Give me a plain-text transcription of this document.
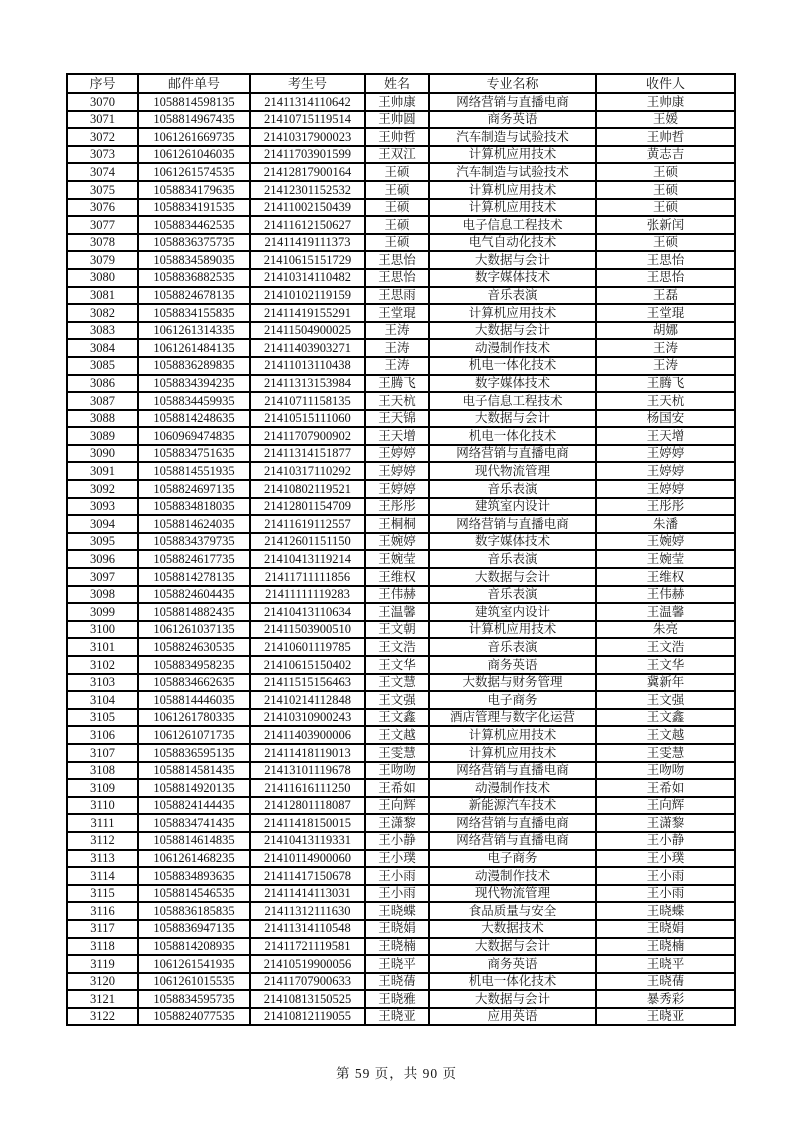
序号	邮件单号	考生号	姓名	专业名称	收件人
3070	1058814598135	21411314110642	王帅康	网络营销与直播电商	王帅康
3071	1058814967435	21410715119514	王帅圆	商务英语	王媛
3072	1061261669735	21410317900023	王帅哲	汽车制造与试验技术	王帅哲
3073	1061261046035	21411703901599	王双江	计算机应用技术	黄志吉
3074	1061261574535	21412817900164	王硕	汽车制造与试验技术	王硕
3075	1058834179635	21412301152532	王硕	计算机应用技术	王硕
3076	1058834191535	21411002150439	王硕	计算机应用技术	王硕
3077	1058834462535	21411612150627	王硕	电子信息工程技术	张新闰
3078	1058836375735	21411419111373	王硕	电气自动化技术	王硕
3079	1058834589035	21410615151729	王思怡	大数据与会计	王思怡
3080	1058836882535	21410314110482	王思怡	数字媒体技术	王思怡
3081	1058824678135	21410102119159	王思雨	音乐表演	王磊
3082	1058834155835	21411419155291	王堂琨	计算机应用技术	王堂琨
3083	1061261314335	21411504900025	王涛	大数据与会计	胡娜
3084	1061261484135	21411403903271	王涛	动漫制作技术	王涛
3085	1058836289835	21411013110438	王涛	机电一体化技术	王涛
3086	1058834394235	21411313153984	王腾飞	数字媒体技术	王腾飞
3087	1058834459935	21410711158135	王天杭	电子信息工程技术	王天杭
3088	1058814248635	21410515111060	王天锦	大数据与会计	杨国安
3089	1060969474835	21411707900902	王天增	机电一体化技术	王天增
3090	1058834751635	21411314151877	王婷婷	网络营销与直播电商	王婷婷
3091	1058814551935	21410317110292	王婷婷	现代物流管理	王婷婷
3092	1058824697135	21410802119521	王婷婷	音乐表演	王婷婷
3093	1058834818035	21412801154709	王彤彤	建筑室内设计	王彤彤
3094	1058814624035	21411619112557	王桐桐	网络营销与直播电商	朱潘
3095	1058834379735	21412601151150	王婉婷	数字媒体技术	王婉婷
3096	1058824617735	21410413119214	王婉莹	音乐表演	王婉莹
3097	1058814278135	21411711111856	王维权	大数据与会计	王维权
3098	1058824604435	21411111119283	王伟赫	音乐表演	王伟赫
3099	1058814882435	21410413110634	王温馨	建筑室内设计	王温馨
3100	1061261037135	21411503900510	王文朝	计算机应用技术	朱亮
3101	1058824630535	21410601119785	王文浩	音乐表演	王文浩
3102	1058834958235	21410615150402	王文华	商务英语	王文华
3103	1058834662635	21411515156463	王文慧	大数据与财务管理	冀新年
3104	1058814446035	21410214112848	王文强	电子商务	王文强
3105	1061261780335	21410310900243	王文鑫	酒店管理与数字化运营	王文鑫
3106	1061261071735	21411403900006	王文越	计算机应用技术	王文越
3107	1058836595135	21411418119013	王雯慧	计算机应用技术	王雯慧
3108	1058814581435	21413101119678	王吻吻	网络营销与直播电商	王吻吻
3109	1058814920135	21411616111250	王希如	动漫制作技术	王希如
3110	1058824144435	21412801118087	王向辉	新能源汽车技术	王向辉
3111	1058834741435	21411418150015	王潇黎	网络营销与直播电商	王潇黎
3112	1058814614835	21410413119331	王小静	网络营销与直播电商	王小静
3113	1061261468235	21410114900060	王小璞	电子商务	王小璞
3114	1058834893635	21411417150678	王小雨	动漫制作技术	王小雨
3115	1058814546535	21411414113031	王小雨	现代物流管理	王小雨
3116	1058836185835	21411312111630	王晓蝶	食品质量与安全	王晓蝶
3117	1058836947135	21411314110548	王晓娟	大数据技术	王晓娟
3118	1058814208935	21411721119581	王晓楠	大数据与会计	王晓楠
3119	1061261541935	21410519900056	王晓平	商务英语	王晓平
3120	1061261015535	21411707900633	王晓蒨	机电一体化技术	王晓蒨
3121	1058834595735	21410813150525	王晓雅	大数据与会计	暴秀彩
3122	1058824077535	21410812119055	王晓亚	应用英语	王晓亚
第 59 页，共 90 页
